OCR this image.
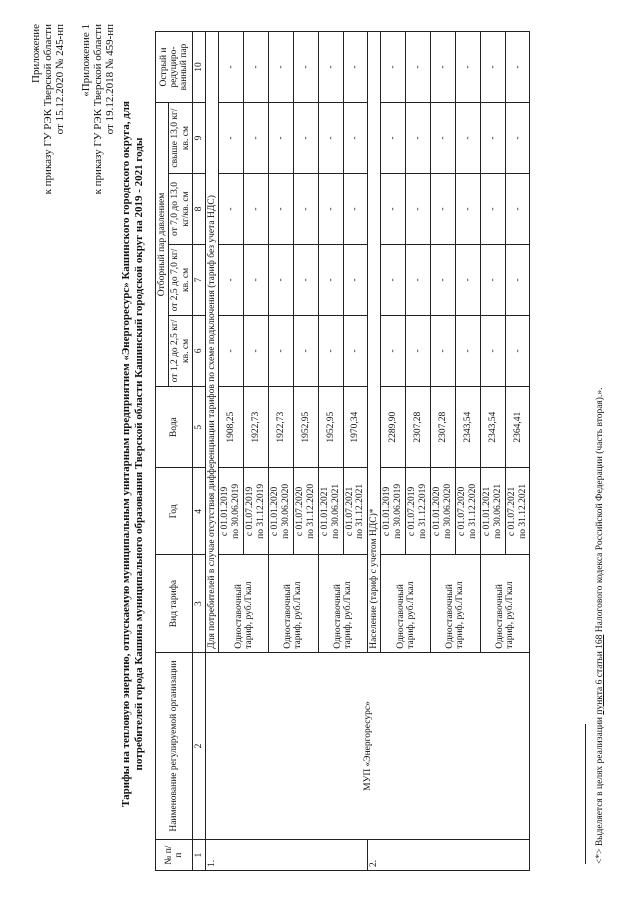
Приложение к приказу ГУ РЭК Тверской области от 15.12.2020 № 245-нп «Приложение 1 к приказу ГУ РЭК Тверской области от 19.12.2018 № 459-нп
Тарифы на тепловую энергию, отпускаемую муниципальным унитарным предприятием «Энергоресурс» Кашинского городского округа, для потребителей города Кашина муниципального образования Тверской области Кашинский городской округ на 2019 - 2021 годы
№ п/п	Наименование регулируемой организации	Вид тарифа	Год	Вода	Отборный пар давлением				Острый и редуциро-ванный пар
					от 1,2 до 2,5 кг/кв. см	от 2,5 до 7,0 кг/кв. см	от 7,0 до 13,0 кг/кв. см	свыше 13,0 кг/кв. см	
1	2	3	4	5	6	7	8	9	10
1.	МУП «Энергоресурс»	Для потребителей в случае отсутствия дифференциации тарифов по схеме подключения (тариф без учета НДС)							
		Одноставочный тариф, руб./Гкал	с 01.01.2019 по 30.06.2019	1908,25	-	-	-	-	-

			с 01.07.2019 по 31.12.2019	1922,73	-	-	-	-	-
		Одноставочный тариф, руб./Гкал	с 01.01.2020 по 30.06.2020	1922,73	-	-	-	-	-

			с 01.07.2020 по 31.12.2020	1952,95	-	-	-	-	-
		Одноставочный тариф, руб./Гкал	с 01.01.2021 по 30.06.2021	1952,95	-	-	-	-	-

			с 01.07.2021 по 31.12.2021	1970,34	-	-	-	-	-
2.		Население (тариф с учетом НДС)*							
		Одноставочный тариф, руб./Гкал	с 01.01.2019 по 30.06.2019	2289,90	-	-	-	-	-

			с 01.07.2019 по 31.12.2019	2307,28	-	-	-	-	-
		Одноставочный тариф, руб./Гкал	с 01.01.2020 по 30.06.2020	2307,28	-	-	-	-	-

			с 01.07.2020 по 31.12.2020	2343,54	-	-	-	-	-
		Одноставочный тариф, руб./Гкал	с 01.01.2021 по 30.06.2021	2343,54	-	-	-	-	-

			с 01.07.2021 по 31.12.2021	2364,41	-	-	-	-	-
<*> Выделяется в целях реализации пункта 6 статьи 168 Налогового кодекса Российской Федерации (часть вторая).».
